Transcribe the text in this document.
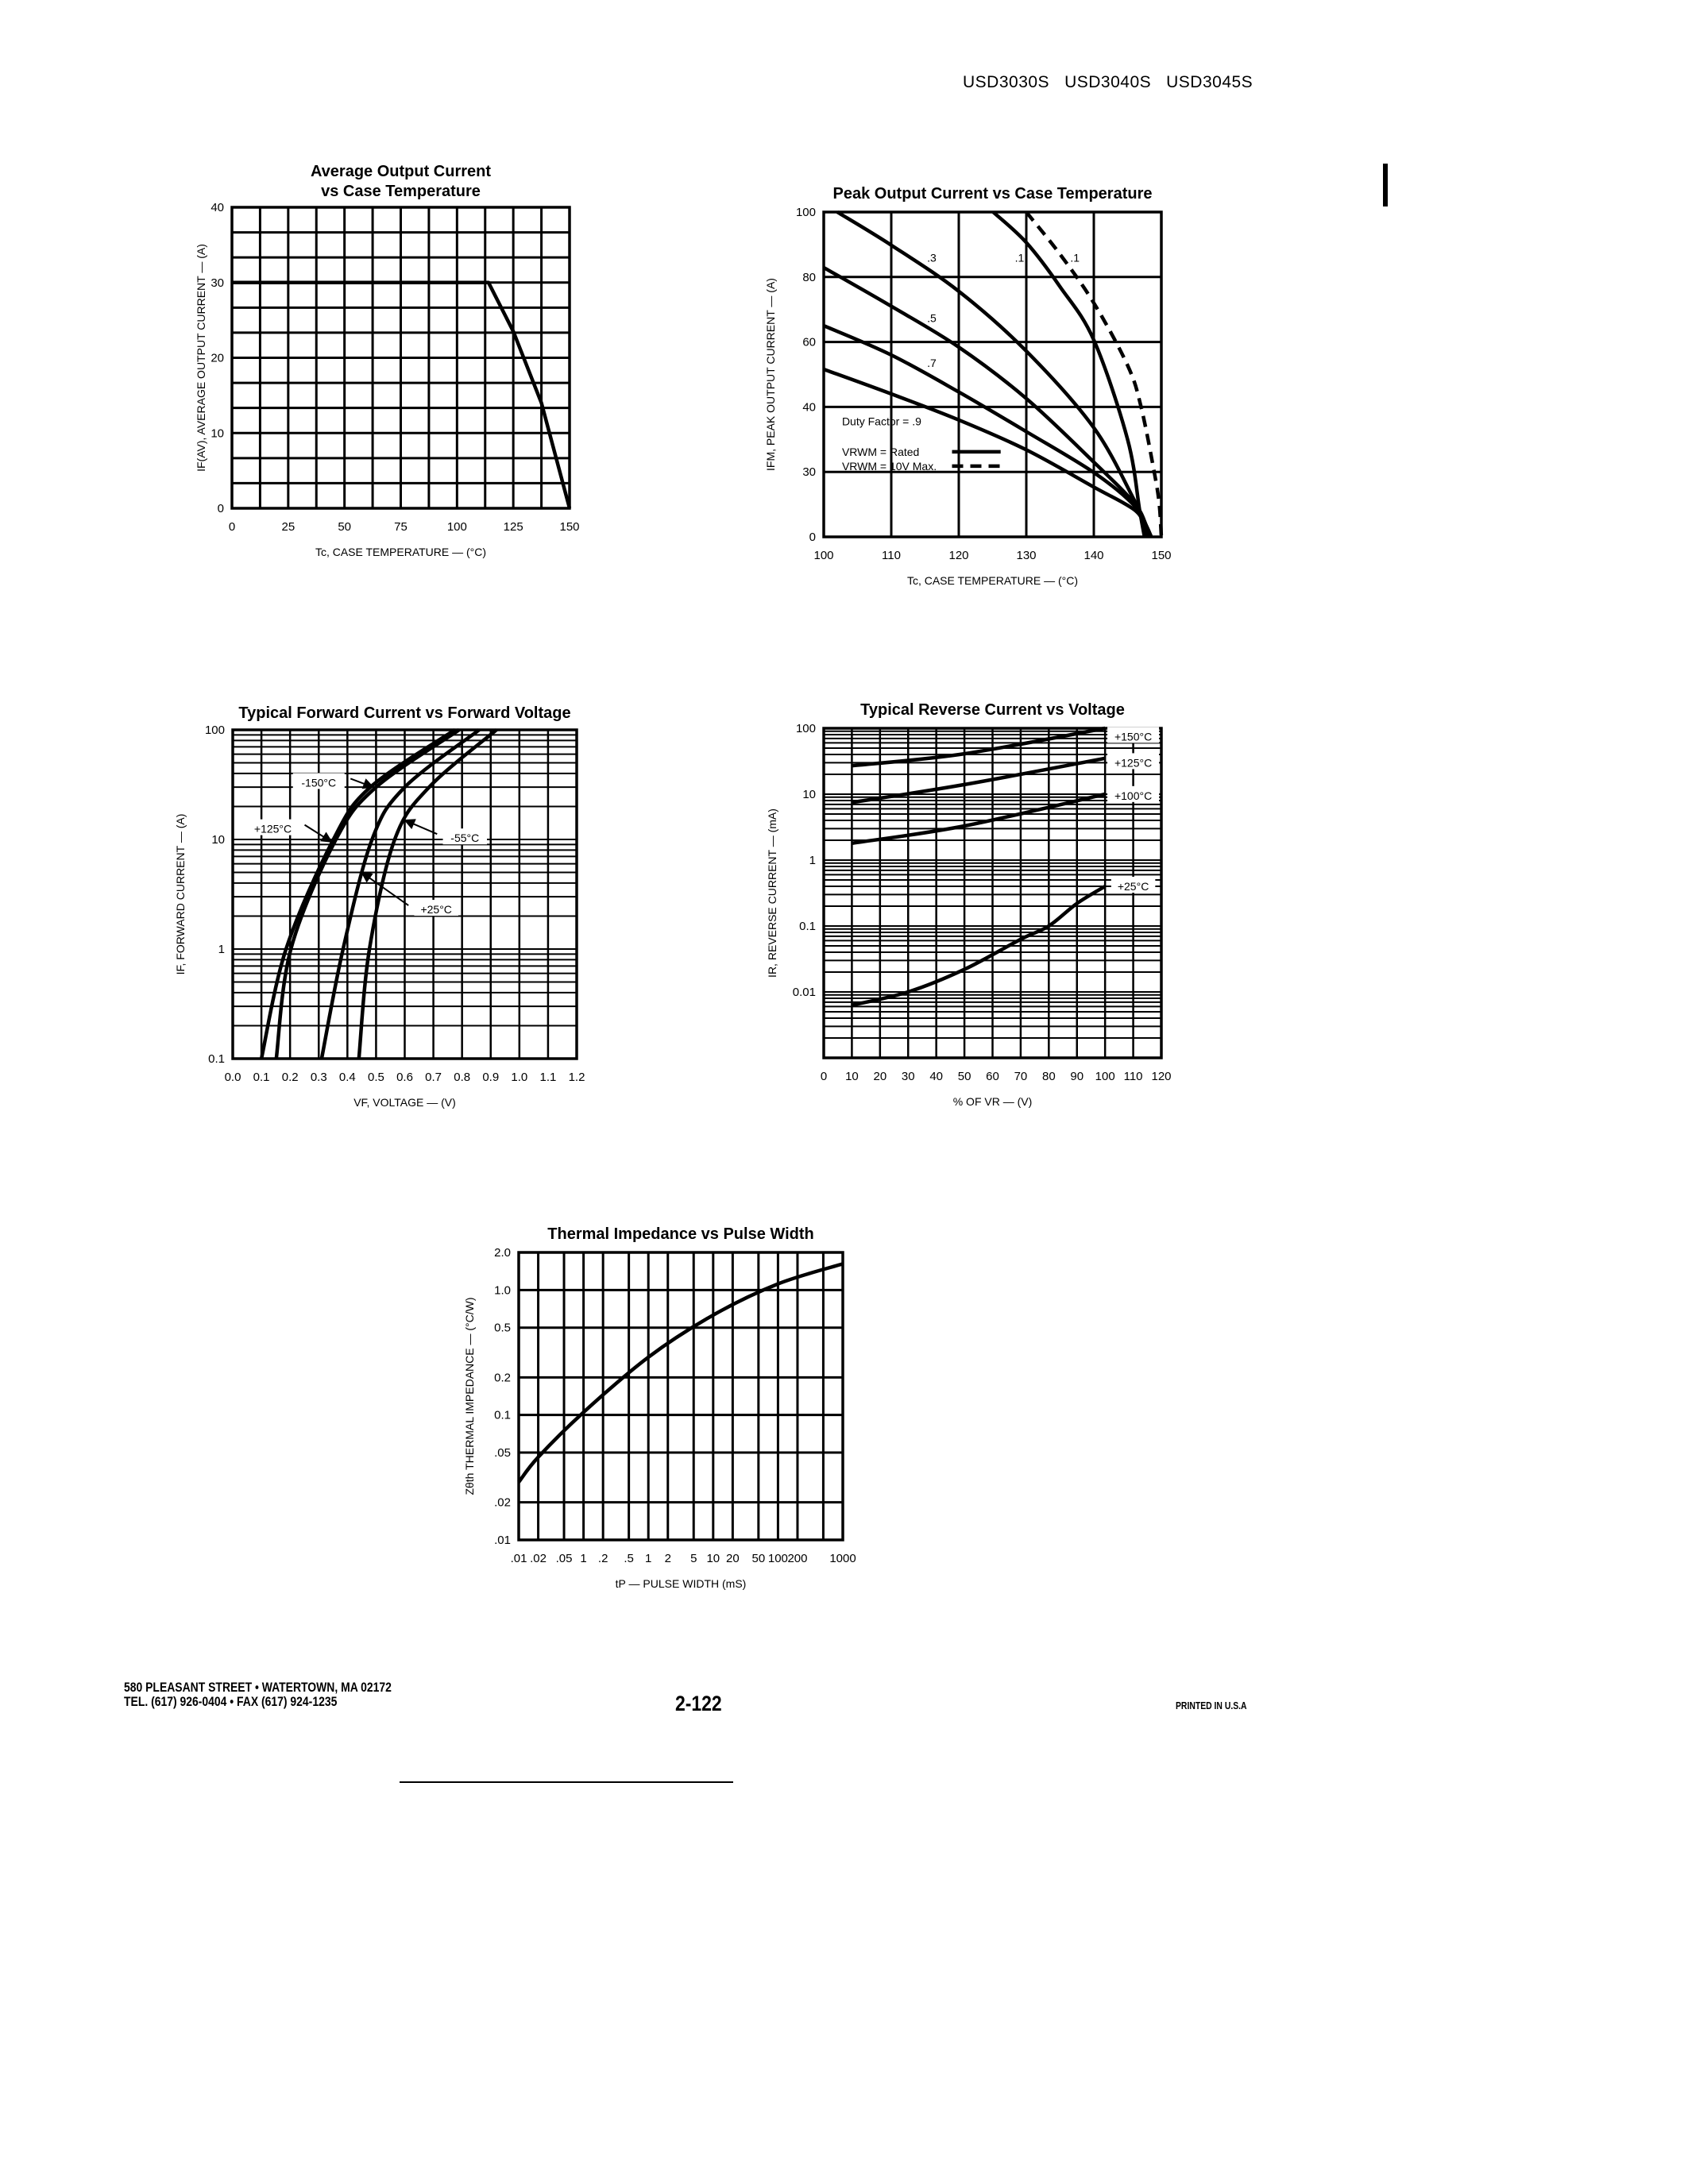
USD3030S   USD3040S   USD3045S
Average Output Current
vs Case Temperature
0	25	50	75	100	125	150
0
10
20
30
40
Tc, CASE TEMPERATURE — (°C)
IF(AV), AVERAGE OUTPUT CURRENT — (A)
Peak Output Current vs Case Temperature
100	110	120	130	140	150
0
30
40
60
80
100
Tc, CASE TEMPERATURE — (°C)
IFM, PEAK OUTPUT CURRENT — (A)
.3
.5
.7
Duty Factor = .9
.1	.1
VRWM = Rated
VRWM = 10V Max.
Typical Forward Current vs Forward Voltage
0.0 0.1 0.2 0.3 0.4 0.5 0.6 0.7 0.8 0.9 1.0 1.1 1.2
0.1
1
10
100
VF, VOLTAGE — (V)
IF, FORWARD CURRENT — (A)
-150°C
+125°C
-55°C
+25°C
Typical Reverse Current vs Voltage
0 10 20 30 40 50 60 70 80 90 100 110 120
0.01
0.1
1
10
100
% OF VR — (V)
IR, REVERSE CURRENT — (mA)
+150°C
+125°C
+100°C
+25°C
Thermal Impedance vs Pulse Width
.01 .02 .05 1 .2 .5 1 2 5 10 20 50 100 200 1000
.01
.02
.05
0.1
0.2
0.5
1.0
2.0
tP — PULSE WIDTH (mS)
Zθth THERMAL IMPEDANCE — (°C/W)
580 PLEASANT STREET • WATERTOWN, MA 02172
TEL. (617) 926-0404 • FAX (617) 924-1235	2-122	PRINTED IN U.S.A
